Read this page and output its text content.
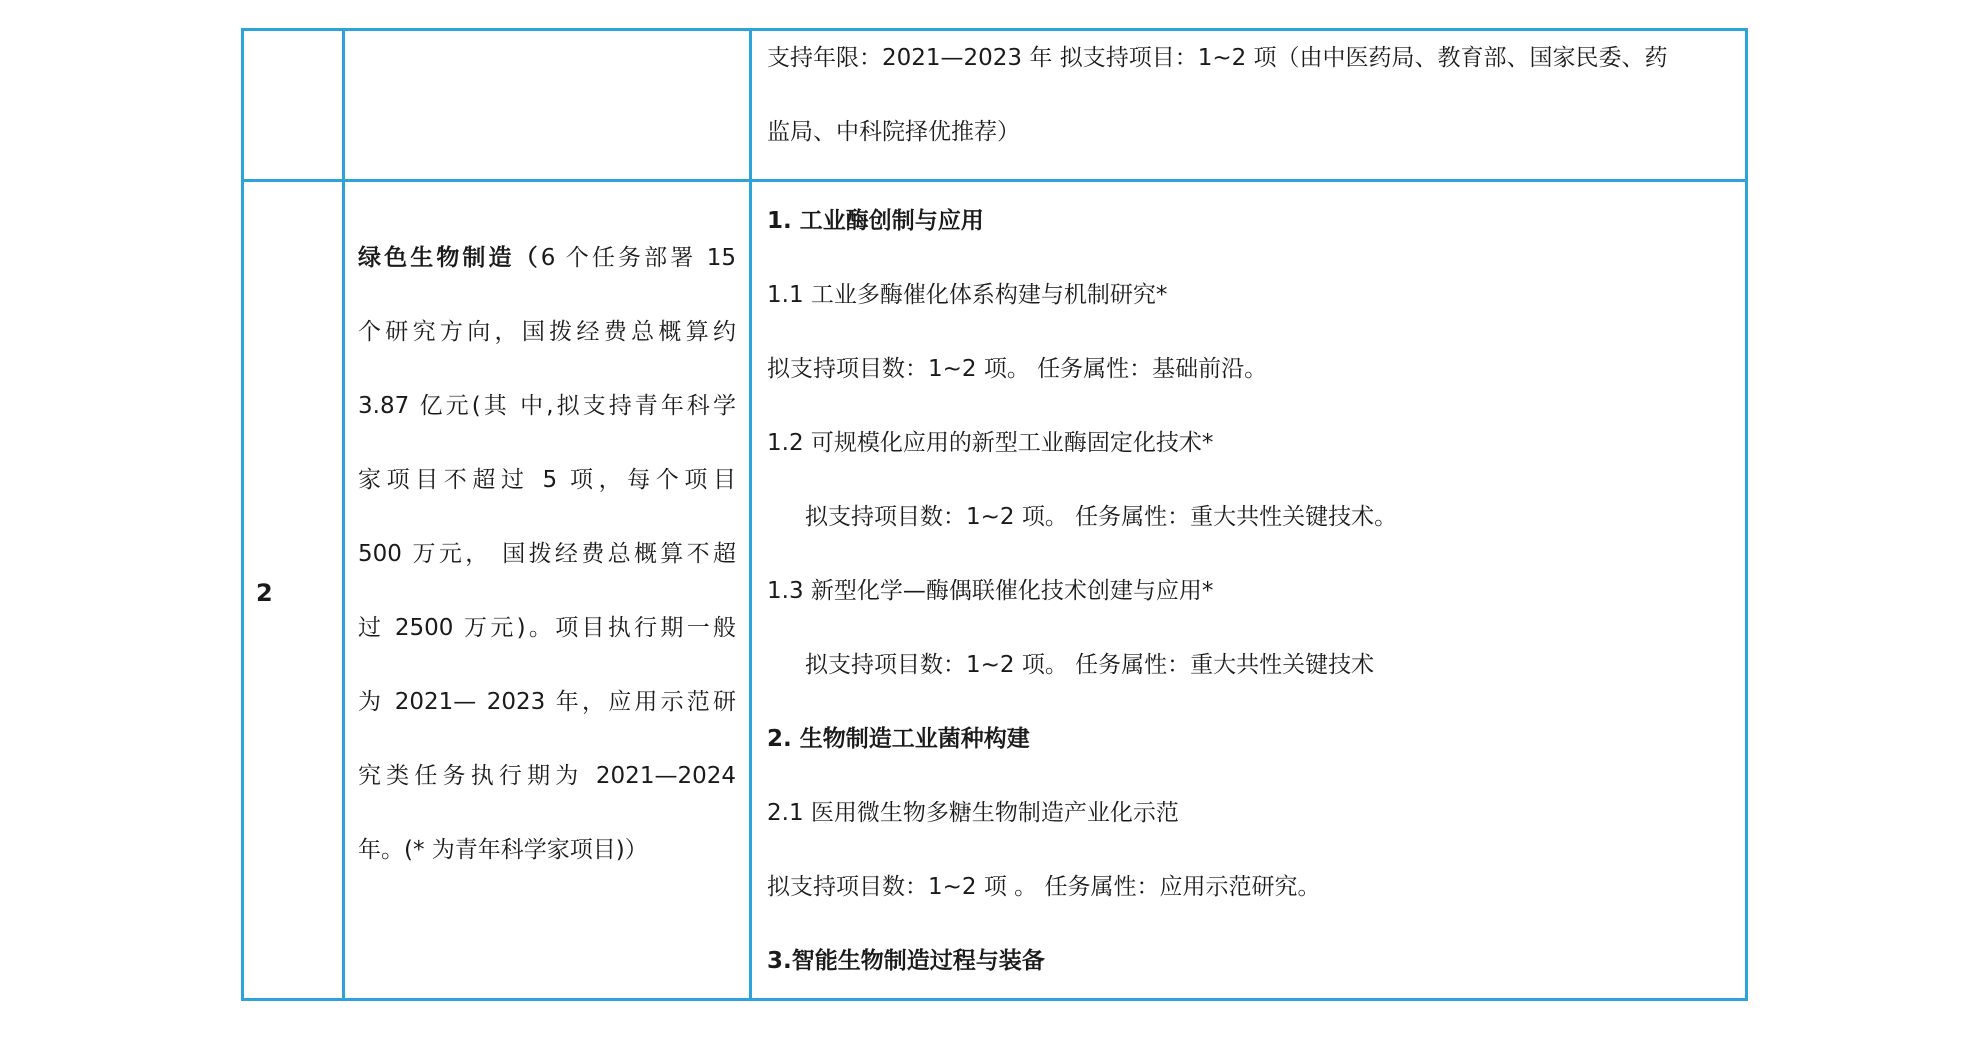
支持年限：2021—2023 年 拟支持项目：1~2 项（由中医药局、教育部、国家民委、药
监局、中科院择优推荐）
2
绿色生物制造（6 个任务部署 15
个研究方向，国拨经费总概算约
3.87 亿元(其 中,拟支持青年科学
家项目不超过 5 项，每个项目
500 万元， 国拨经费总概算不超
过 2500 万元)。项目执行期一般
为 2021— 2023 年，应用示范研
究类任务执行期为 2021—2024
年。(* 为青年科学家项目)）
1. 工业酶创制与应用
1.1 工业多酶催化体系构建与机制研究*
拟支持项目数：1~2 项。 任务属性：基础前沿。
1.2 可规模化应用的新型工业酶固定化技术*
拟支持项目数：1~2 项。 任务属性：重大共性关键技术。
1.3 新型化学—酶偶联催化技术创建与应用*
拟支持项目数：1~2 项。 任务属性：重大共性关键技术
2. 生物制造工业菌种构建
2.1 医用微生物多糖生物制造产业化示范
拟支持项目数：1~2 项 。 任务属性：应用示范研究。
3.智能生物制造过程与装备
